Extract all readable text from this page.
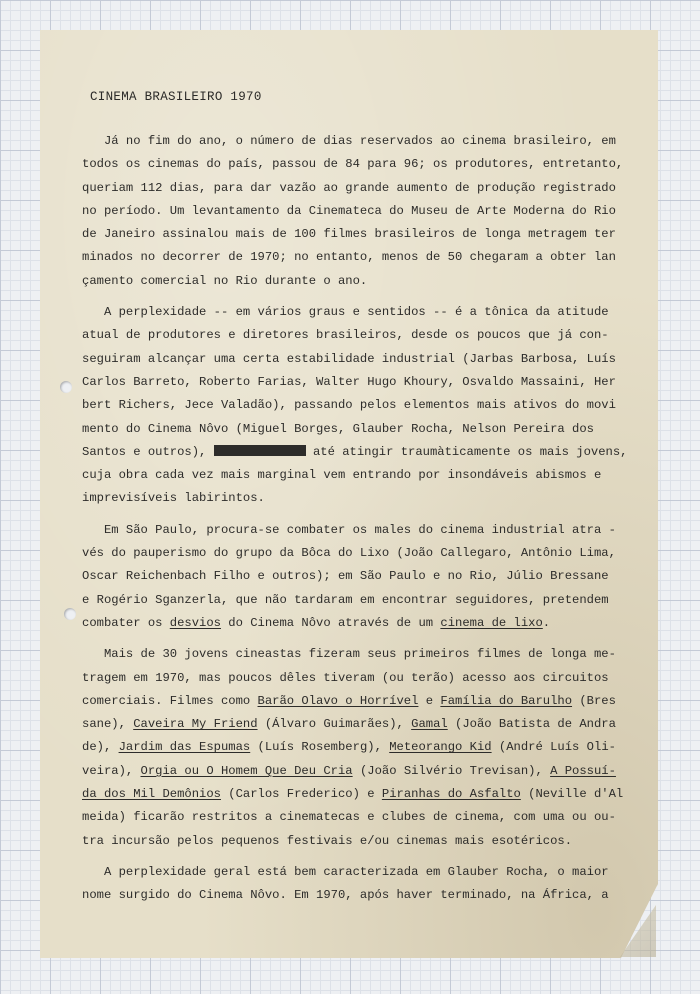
CINEMA BRASILEIRO 1970
Já no fim do ano, o número de dias reservados ao cinema brasileiro, em
todos os cinemas do país, passou de 84 para 96; os produtores, entretanto,
queriam 112 dias, para dar vazão ao grande aumento de produção registrado
no período. Um levantamento da Cinemateca do Museu de Arte Moderna do Rio
de Janeiro assinalou mais de 100 filmes brasileiros de longa metragem ter
minados no decorrer de 1970; no entanto, menos de 50 chegaram a obter lan
çamento comercial no Rio durante o ano.
A perplexidade -- em vários graus e sentidos -- é a tônica da atitude
atual de produtores e diretores brasileiros, desde os poucos que já con-
seguiram alcançar uma certa estabilidade industrial (Jarbas Barbosa, Luís
Carlos Barreto, Roberto Farias, Walter Hugo Khoury, Osvaldo Massaini, Her
bert Richers, Jece Valadão), passando pelos elementos mais ativos do movi
mento do Cinema Nôvo (Miguel Borges, Glauber Rocha, Nelson Pereira dos
Santos e outros),	até atingir traumàticamente os mais jovens,
cuja obra cada vez mais marginal vem entrando por insondáveis abismos e
imprevisíveis labirintos.
Em São Paulo, procura-se combater os males do cinema industrial atra -
vés do pauperismo do grupo da Bôca do Lixo (João Callegaro, Antônio Lima,
Oscar Reichenbach Filho e outros); em São Paulo e no Rio, Júlio Bressane
e Rogério Sganzerla, que não tardaram em encontrar seguidores, pretendem
combater os desvios do Cinema Nôvo através de um cinema de lixo.
Mais de 30 jovens cineastas fizeram seus primeiros filmes de longa me-
tragem em 1970, mas poucos dêles tiveram (ou terão) acesso aos circuitos
comerciais. Filmes como Barão Olavo o Horrível e Família do Barulho (Bres
sane), Caveira My Friend (Álvaro Guimarães), Gamal (João Batista de Andra
de), Jardim das Espumas (Luís Rosemberg), Meteorango Kid (André Luís Oli-
veira), Orgia ou O Homem Que Deu Cria (João Silvério Trevisan), A Possuí-
da dos Mil Demônios (Carlos Frederico) e Piranhas do Asfalto (Neville d'Al
meida) ficarão restritos a cinematecas e clubes de cinema, com uma ou ou-
tra incursão pelos pequenos festivais e/ou cinemas mais esotéricos.
A perplexidade geral está bem caracterizada em Glauber Rocha, o maior
nome surgido do Cinema Nôvo. Em 1970, após haver terminado, na África, a
